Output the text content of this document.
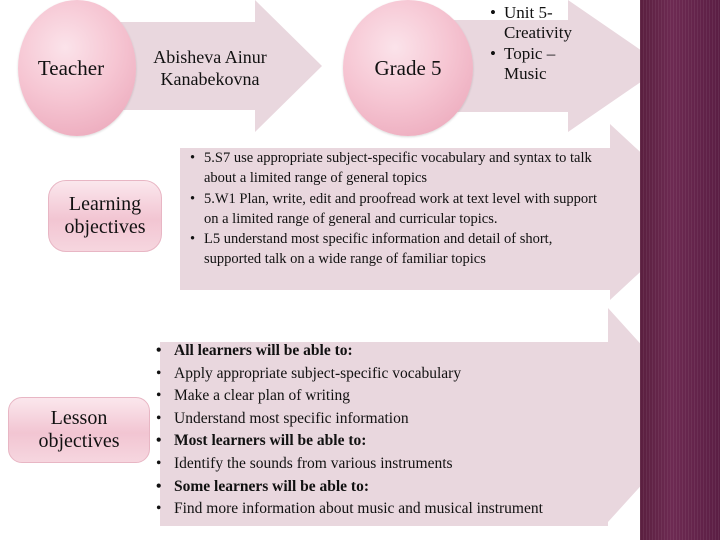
Teacher	Abisheva Ainur Kanabekovna	Grade 5
• Unit 5- Creativity
• Topic – Music
Learning objectives
• 5.S7 use appropriate subject-specific vocabulary and syntax to talk about a limited range of general topics
• 5.W1 Plan, write, edit and proofread work at text level with support on a limited range of general and curricular topics.
• L5 understand most specific information and detail of short, supported talk on a wide range of familiar topics
Lesson objectives
• All learners will be able to:
• Apply appropriate subject-specific vocabulary
• Make a clear plan of writing
• Understand most specific information
• Most learners will be able to:
• Identify the sounds from various instruments
• Some learners will be able to:
• Find more information about music and musical instrument
